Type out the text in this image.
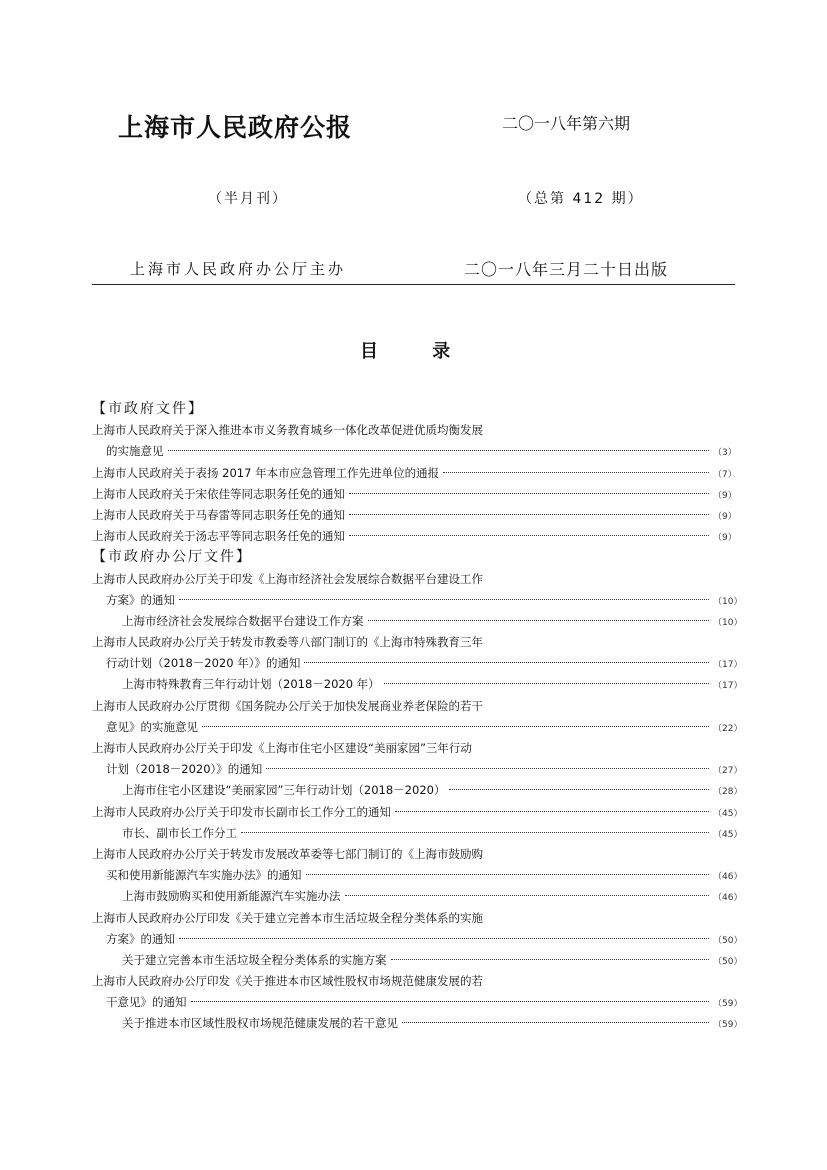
上海市人民政府公报	二〇一八年第六期
（半月刊）	（总第 412 期）
上海市人民政府办公厅主办	二〇一八年三月二十日出版
目 录
【市政府文件】
上海市人民政府关于深入推进本市义务教育城乡一体化改革促进优质均衡发展
的实施意见	（3）
上海市人民政府关于表扬 2017 年本市应急管理工作先进单位的通报	（7）
上海市人民政府关于宋依佳等同志职务任免的通知	（9）
上海市人民政府关于马春雷等同志职务任免的通知	（9）
上海市人民政府关于汤志平等同志职务任免的通知	（9）
【市政府办公厅文件】
上海市人民政府办公厅关于印发《上海市经济社会发展综合数据平台建设工作
方案》的通知	（10）
上海市经济社会发展综合数据平台建设工作方案	（10）
上海市人民政府办公厅关于转发市教委等八部门制订的《上海市特殊教育三年
行动计划（2018－2020 年）》的通知	（17）
上海市特殊教育三年行动计划（2018－2020 年）	（17）
上海市人民政府办公厅贯彻《国务院办公厅关于加快发展商业养老保险的若干
意见》的实施意见	（22）
上海市人民政府办公厅关于印发《上海市住宅小区建设“美丽家园”三年行动
计划（2018－2020）》的通知	（27）
上海市住宅小区建设“美丽家园”三年行动计划（2018－2020）	（28）
上海市人民政府办公厅关于印发市长副市长工作分工的通知	（45）
市长、副市长工作分工	（45）
上海市人民政府办公厅关于转发市发展改革委等七部门制订的《上海市鼓励购
买和使用新能源汽车实施办法》的通知	（46）
上海市鼓励购买和使用新能源汽车实施办法	（46）
上海市人民政府办公厅印发《关于建立完善本市生活垃圾全程分类体系的实施
方案》的通知	（50）
关于建立完善本市生活垃圾全程分类体系的实施方案	（50）
上海市人民政府办公厅印发《关于推进本市区域性股权市场规范健康发展的若
干意见》的通知	（59）
关于推进本市区域性股权市场规范健康发展的若干意见	（59）
